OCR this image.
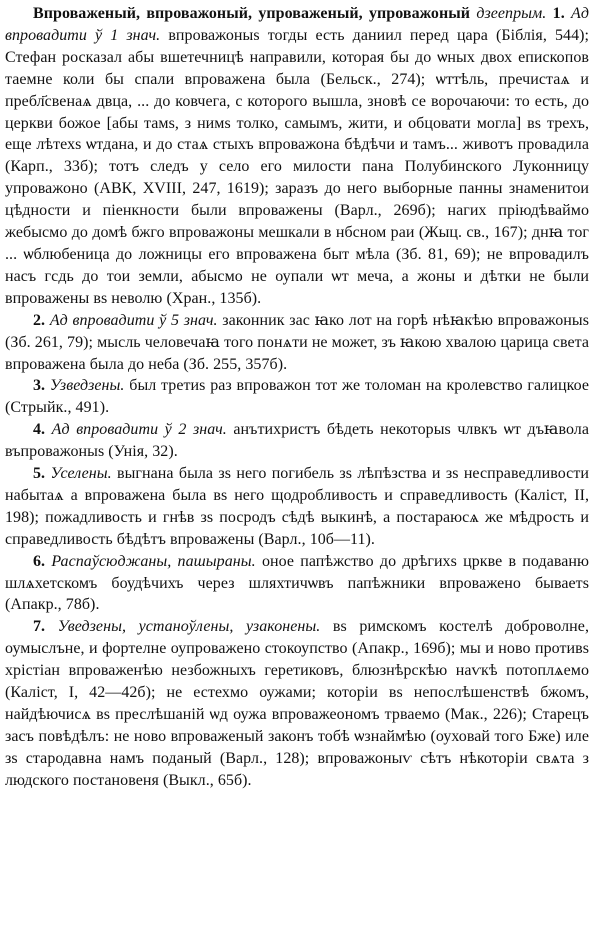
Впроваженый, впроважоный, упроваженый, упроважоный дзеепрым. 1. Ад впровадити ў 1 знач. впроважоныѕ тогды есть даниил перед цара (Біблія, 544); Стефан росказал абы вшетечницѣ направили, которая бы до ѡных двох епископов таемне коли бы спали впроважена была (Бельск., 274); ѡттѣль, пречистаѧ и пребл҃свенаѧ двца, ... до ковчега, с которого вышла, зновѣ се ворочаючи: то есть, до церкви божое [абы тамѕ, з нимѕ толко, самымъ, жити, и обцовати могла] вѕ трехъ, еще лѣтехѕ ѡтдана, и до стаѧ стыхъ впроважона бѣдѣчи и тамъ... животъ провадила (Карп., 33б); тотъ следъ у село его милости пана Полубинского Луконницу упроважоно (АВК, XVIII, 247, 1619); заразъ до него выборные панны знаменитои цѣдности и піенкности были впроважены (Варл., 269б); нагих пріюдѣваймо жебысмо до домѣ бжго впроважоны мешкали в нбсном раи (Жыц. св., 167); днꙗ тог ... ѡблюбеница до ложницы его впроважена быт мѣла (Зб. 81, 69); не впровадилъ насъ гсдь до тои земли, абысмо не оупали ѡт меча, а жоны и дѣтки не были впроважены вѕ неволю (Хран., 135б).

2. Ад впровадити ў 5 знач. законник зас ꙗко лот на горѣ нѣꙗкѣю впроважоныѕ (Зб. 261, 79); мысль человечаꙗ того понѧти не может, зъ ꙗкою хвалою царица света впроважена была до неба (Зб. 255, 357б).

3. Узведзены. был третиѕ раз впроважон тот же толоман на кролевство галицкое (Стрыйк., 491).

4. Ад впровадити ў 2 знач. анътихристъ бѣдеть некоторыѕ члвкъ ѡт дъꙗвола въпроважоныѕ (Унія, 32).

5. Уселены. выгнана была зѕ него погибель зѕ лѣпѣзства и зѕ несправедливости набытаѧ а впроважена была вѕ него щодробливость и справедливость (Каліст, II, 198); пожадливость и гнѣв зѕ посродъ сѣдѣ выкинѣ, а постараюсѧ же мѣдрость и справедливость бѣдѣтъ впроважены (Варл., 10б—11).

6. Распаўсюджаны, пашыраны. оное папѣжство до дрѣгихѕ цркве в подаваню шлѧхетскомъ боудѣчихъ через шляхтичѡвъ папѣжники впроважено бываетѕ (Апакр., 78б).

7. Уведзены, устаноўлены, узаконены. вѕ римскомъ костелѣ доброволне, оумыслъне, и фортелне оупроважено стокоупство (Апакр., 169б); мы и ново противѕ хрістіан впроваженѣю незбожныхъ геретиковъ, блюзнѣрскѣю наѵкѣ потоплѧемо (Каліст, I, 42—42б); не естехмо оужами; которіи вѕ непослѣшенствѣ бжомъ, найдѣючисѧ вѕ преслѣшаній ѡд оужа впроважеономъ трваемо (Мак., 226); Старецъ засъ повѣдѣлъ: не ново впроваженый законъ тобѣ ѡзнаймѣю (оуховай того Бже) иле зѕ стародавна намъ поданый (Варл., 128); впроважоныѵ сѣтъ нѣкоторіи свѧта з людского постановеня (Выкл., 65б).
